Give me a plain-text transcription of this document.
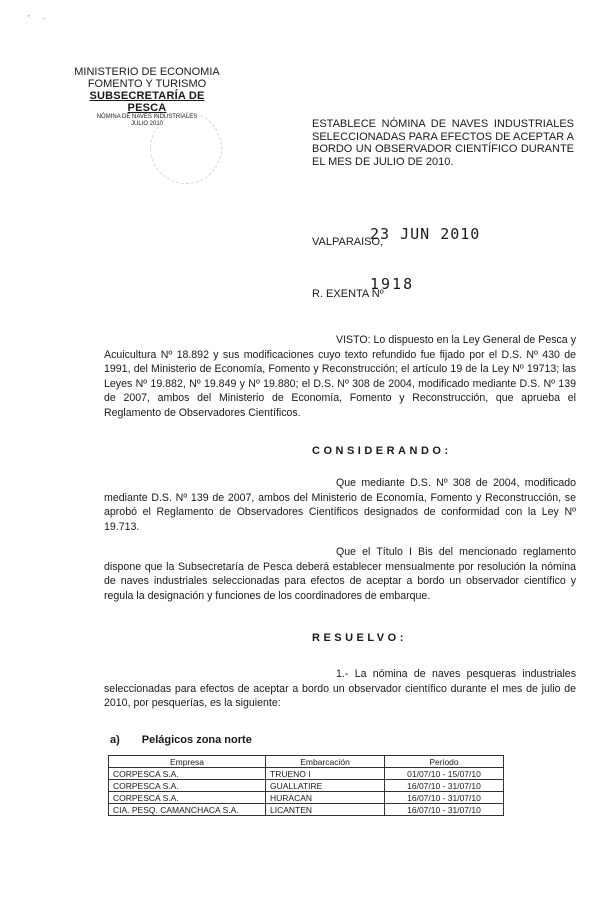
' ·
MINISTERIO DE ECONOMIA
FOMENTO Y TURISMO
SUBSECRETARÍA DE PESCA
NÓMINA DE NAVES INDUSTRIALES
JULIO 2010	ESTABLECE NÓMINA DE NAVES INDUSTRIALES SELECCIONADAS PARA EFECTOS DE ACEPTAR A BORDO UN OBSERVADOR CIENTÍFICO DURANTE EL MES DE JULIO DE 2010.
VALPARAISO,
23 JUN 2010
R. EXENTA Nº
1918
VISTO: Lo dispuesto en la Ley General de Pesca y Acuicultura Nº 18.892 y sus modificaciones cuyo texto refundido fue fijado por el D.S. Nº 430 de 1991, del Ministerio de Economía, Fomento y Reconstrucción; el artículo 19 de la Ley Nº 19713; las Leyes Nº 19.882, Nº 19.849 y Nº 19.880; el D.S. Nº 308 de 2004, modificado mediante D.S. Nº 139 de 2007, ambos del Ministerio de Economía, Fomento y Reconstrucción, que aprueba el Reglamento de Observadores Científicos.
CONSIDERANDO:
Que mediante D.S. Nº 308 de 2004, modificado mediante D.S. Nº 139 de 2007, ambos del Ministerio de Economía, Fomento y Reconstrucción, se aprobó el Reglamento de Observadores Científicos designados de conformidad con la Ley Nº 19.713.
Que el Título I Bis del mencionado reglamento dispone que la Subsecretaría de Pesca deberá establecer mensualmente por resolución la nómina de naves industriales seleccionadas para efectos de aceptar a bordo un observador científico y regula la designación y funciones de los coordinadores de embarque.
RESUELVO:
1.- La nómina de naves pesqueras industriales seleccionadas para efectos de aceptar a bordo un observador científico durante el mes de julio de 2010, por pesquerías, es la siguiente:
a) Pelágicos zona norte
Empresa	Embarcación	Periodo
CORPESCA S.A.	TRUENO I	01/07/10 - 15/07/10
CORPESCA S.A.	GUALLATIRE	16/07/10 - 31/07/10
CORPESCA S.A.	HURACAN	16/07/10 - 31/07/10
CIA. PESQ. CAMANCHACA S.A.	LICANTEN	16/07/10 - 31/07/10
